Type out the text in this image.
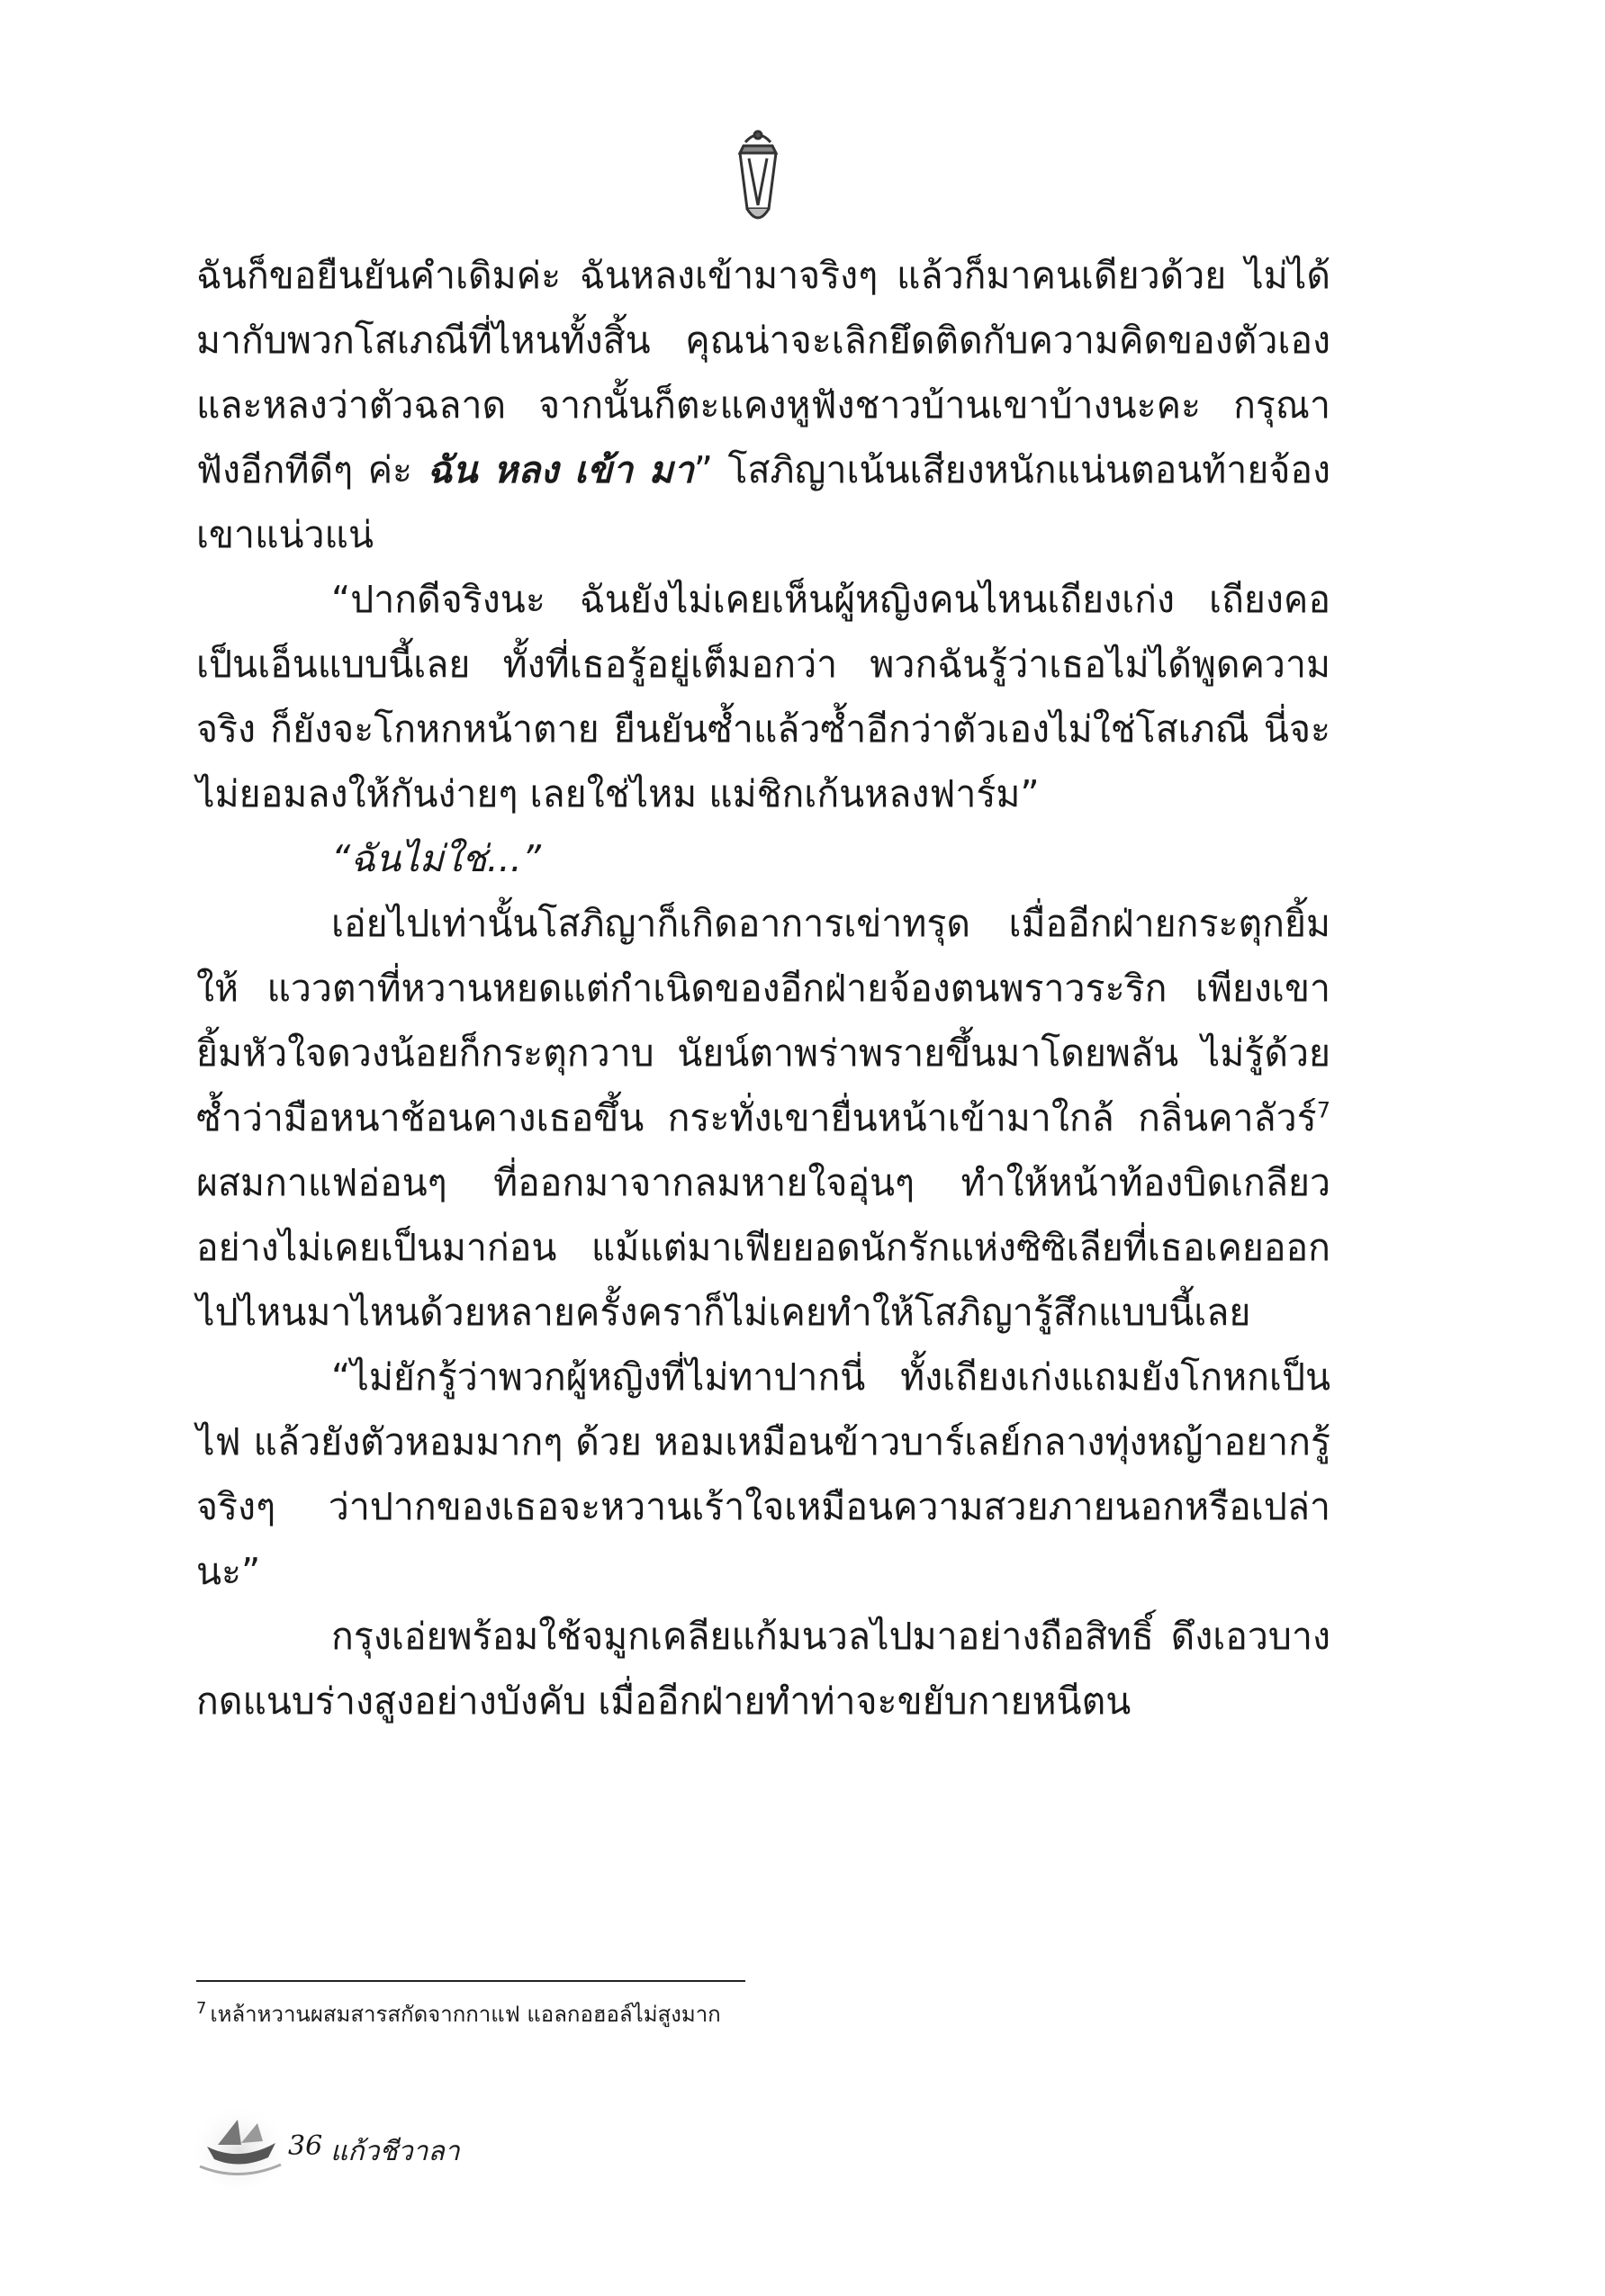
ฉันก็ขอยืนยันคำเดิมค่ะ ฉันหลงเข้ามาจริงๆ แล้วก็มาคนเดียวด้วย ไม่ได้มากับพวกโสเภณีที่ไหนทั้งสิ้น คุณน่าจะเลิกยึดติดกับความคิดของตัวเองและหลงว่าตัวฉลาด จากนั้นก็ตะแคงหูฟังชาวบ้านเขาบ้างนะคะ กรุณาฟังอีกทีดีๆ ค่ะ ฉัน หลง เข้า มา” โสภิญาเน้นเสียงหนักแน่นตอนท้ายจ้องเขาแน่วแน่

“ปากดีจริงนะ ฉันยังไม่เคยเห็นผู้หญิงคนไหนเถียงเก่ง เถียงคอเป็นเอ็นแบบนี้เลย ทั้งที่เธอรู้อยู่เต็มอกว่า พวกฉันรู้ว่าเธอไม่ได้พูดความจริง ก็ยังจะโกหกหน้าตาย ยืนยันซ้ำแล้วซ้ำอีกว่าตัวเองไม่ใช่โสเภณี นี่จะไม่ยอมลงให้กันง่ายๆ เลยใช่ไหม แม่ชิกเก้นหลงฟาร์ม”

“ฉันไม่ใช่...”

เอ่ยไปเท่านั้นโสภิญาก็เกิดอาการเข่าทรุด เมื่ออีกฝ่ายกระตุกยิ้มให้ แววตาที่หวานหยดแต่กำเนิดของอีกฝ่ายจ้องตนพราวระริก เพียงเขายิ้มหัวใจดวงน้อยก็กระตุกวาบ นัยน์ตาพร่าพรายขึ้นมาโดยพลัน ไม่รู้ด้วยซ้ำว่ามือหนาช้อนคางเธอขึ้น กระทั่งเขายื่นหน้าเข้ามาใกล้ กลิ่นคาลัวร์$^7$ ผสมกาแฟอ่อนๆ ที่ออกมาจากลมหายใจอุ่นๆ ทำให้หน้าท้องบิดเกลียวอย่างไม่เคยเป็นมาก่อน แม้แต่มาเฟียยอดนักรักแห่งซิซิเลียที่เธอเคยออกไปไหนมาไหนด้วยหลายครั้งคราก็ไม่เคยทำให้โสภิญารู้สึกแบบนี้เลย

“ไม่ยักรู้ว่าพวกผู้หญิงที่ไม่ทาปากนี่ ทั้งเถียงเก่งแถมยังโกหกเป็นไฟ แล้วยังตัวหอมมากๆ ด้วย หอมเหมือนข้าวบาร์เลย์กลางทุ่งหญ้าอยากรู้จริงๆ ว่าปากของเธอจะหวานเร้าใจเหมือนความสวยภายนอกหรือเปล่านะ”

กรุงเอ่ยพร้อมใช้จมูกเคลียแก้มนวลไปมาอย่างถือสิทธิ์ ดึงเอวบางกดแนบร่างสูงอย่างบังคับ เมื่ออีกฝ่ายทำท่าจะขยับกายหนีตน

$^7$ เหล้าหวานผสมสารสกัดจากกาแฟ แอลกอฮอล์ไม่สูงมาก
36 แก้วชีวาลา
